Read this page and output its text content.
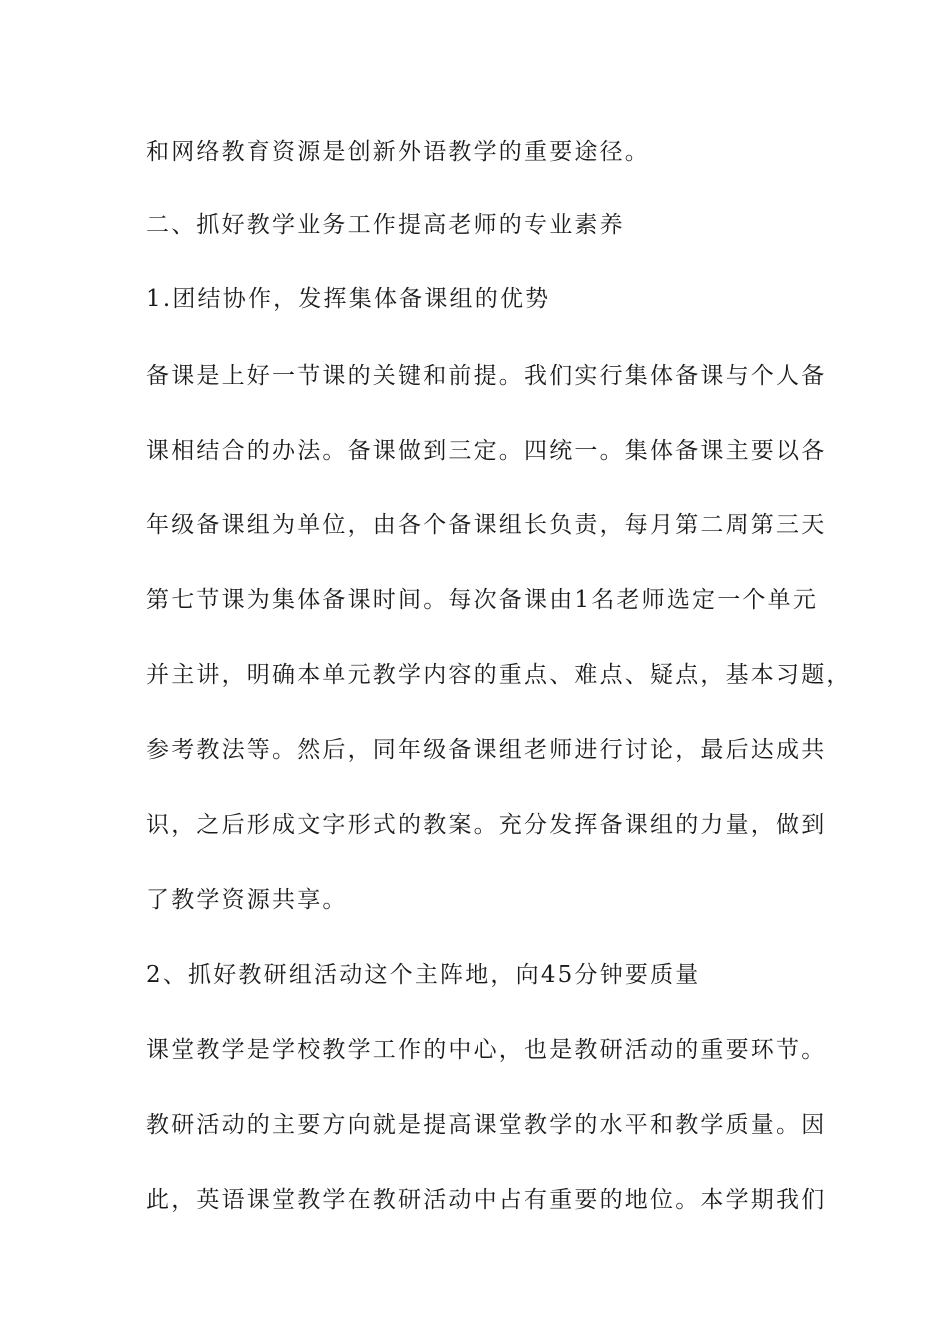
和网络教育资源是创新外语教学的重要途径。

二、抓好教学业务工作提高老师的专业素养

1.团结协作，发挥集体备课组的优势

备课是上好一节课的关键和前提。我们实行集体备课与个人备

课相结合的办法。备课做到三定。四统一。集体备课主要以各

年级备课组为单位，由各个备课组长负责，每月第二周第三天

第七节课为集体备课时间。每次备课由1名老师选定一个单元

并主讲，明确本单元教学内容的重点、难点、疑点，基本习题，

参考教法等。然后，同年级备课组老师进行讨论，最后达成共

识，之后形成文字形式的教案。充分发挥备课组的力量，做到

了教学资源共享。

2、抓好教研组活动这个主阵地，向45分钟要质量

课堂教学是学校教学工作的中心，也是教研活动的重要环节。

教研活动的主要方向就是提高课堂教学的水平和教学质量。因

此，英语课堂教学在教研活动中占有重要的地位。本学期我们
